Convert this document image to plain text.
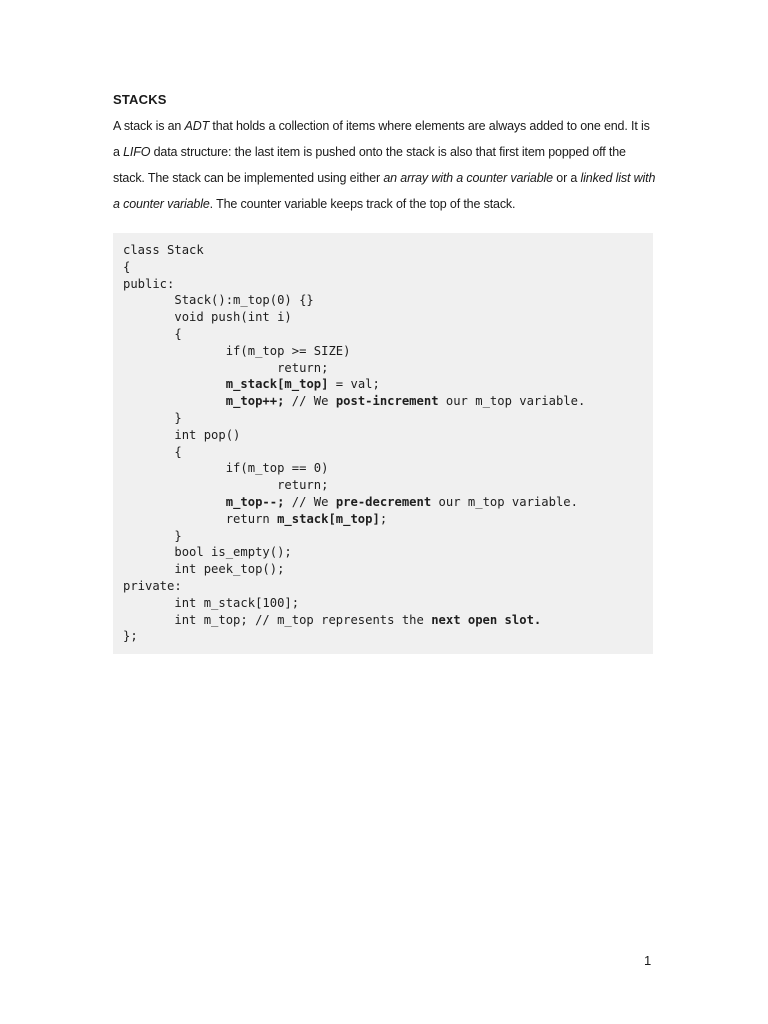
STACKS

A stack is an ADT that holds a collection of items where elements are always added to one end. It is a LIFO data structure: the last item is pushed onto the stack is also that first item popped off the stack. The stack can be implemented using either an array with a counter variable or a linked list with a counter variable. The counter variable keeps track of the top of the stack.

class Stack
{
public:
Stack():m_top(0) {}
void push(int i)
{
if(m_top >= SIZE)
return;
m_stack[m_top] = val;
m_top++; // We post-increment our m_top variable.
}
int pop()
{
if(m_top == 0)
return;
m_top--; // We pre-decrement our m_top variable.
return m_stack[m_top];
}
bool is_empty();
int peek_top();
private:
int m_stack[100];
int m_top; // m_top represents the next open slot.
};
1
